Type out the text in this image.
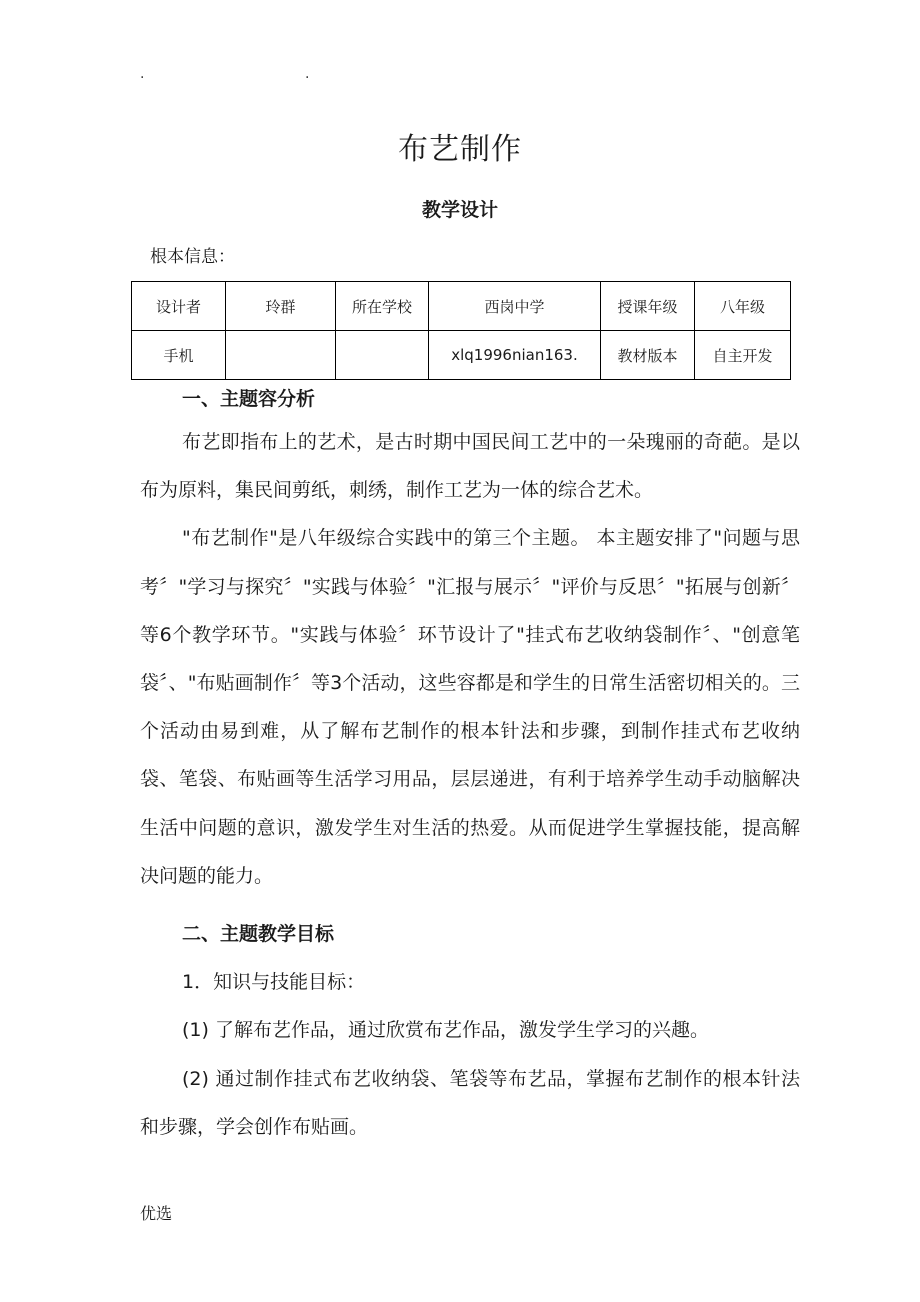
.	.
布艺制作
教学设计
根本信息：
设计者	玲群	所在学校	西岗中学	授课年级	八年级
手机			xlq1996nian163.	教材版本	自主开发

一、主题容分析

布艺即指布上的艺术，是古时期中国民间工艺中的一朵瑰丽的奇葩。是以布为原料，集民间剪纸，刺绣，制作工艺为一体的综合艺术。

"布艺制作"是八年级综合实践中的第三个主题。 本主题安排了"问题与思考〞"学习与探究〞"实践与体验〞"汇报与展示〞"评价与反思〞"拓展与创新〞等6个教学环节。"实践与体验〞环节设计了"挂式布艺收纳袋制作〞、"创意笔袋〞、"布贴画制作〞等3个活动，这些容都是和学生的日常生活密切相关的。三个活动由易到难，从了解布艺制作的根本针法和步骤，到制作挂式布艺收纳袋、笔袋、布贴画等生活学习用品，层层递进，有利于培养学生动手动脑解决生活中问题的意识，激发学生对生活的热爱。从而促进学生掌握技能，提高解决问题的能力。

二、主题教学目标

1．知识与技能目标：

(1) 了解布艺作品，通过欣赏布艺作品，激发学生学习的兴趣。

(2) 通过制作挂式布艺收纳袋、笔袋等布艺品，掌握布艺制作的根本针法和步骤，学会创作布贴画。

优选
